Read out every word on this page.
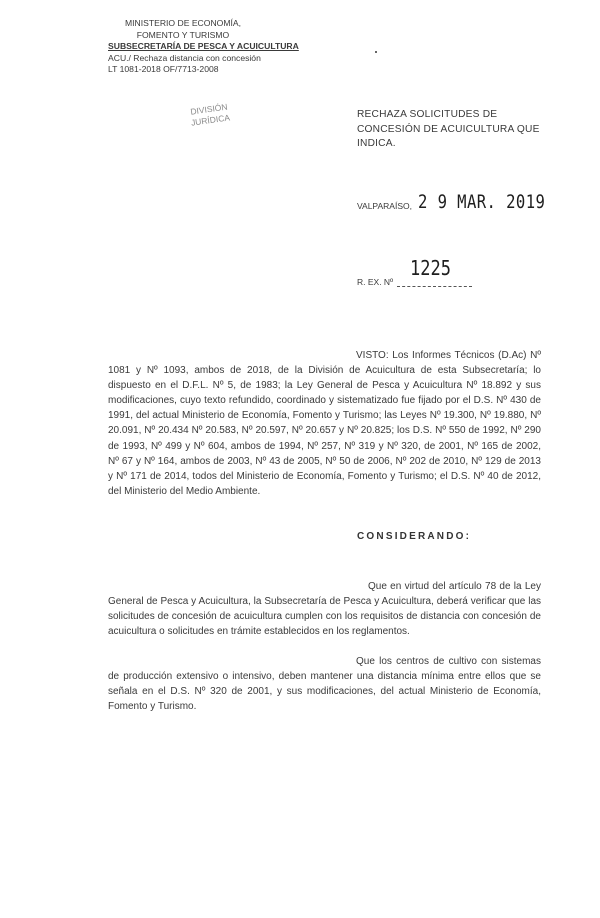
MINISTERIO DE ECONOMÍA,
FOMENTO Y TURISMO
SUBSECRETARÍA DE PESCA Y ACUICULTURA
ACU./ Rechaza distancia con concesión
LT 1081-2018 OF/7713-2008
DIVISIÓN
JURÍDICA	RECHAZA SOLICITUDES DE CONCESIÓN DE ACUICULTURA QUE INDICA.
VALPARAÍSO, 2 9 MAR. 2019
R. EX. Nº
1225
VISTO: Los Informes Técnicos (D.Ac) Nº 1081 y Nº 1093, ambos de 2018, de la División de Acuicultura de esta Subsecretaría; lo dispuesto en el D.F.L. Nº 5, de 1983; la Ley General de Pesca y Acuicultura Nº 18.892 y sus modificaciones, cuyo texto refundido, coordinado y sistematizado fue fijado por el D.S. Nº 430 de 1991, del actual Ministerio de Economía, Fomento y Turismo; las Leyes Nº 19.300, Nº 19.880, Nº 20.091, Nº 20.434 Nº 20.583, Nº 20.597, Nº 20.657 y Nº 20.825; los D.S. Nº 550 de 1992, Nº 290 de 1993, Nº 499 y Nº 604, ambos de 1994, Nº 257, Nº 319 y Nº 320, de 2001, Nº 165 de 2002, Nº 67 y Nº 164, ambos de 2003, Nº 43 de 2005, Nº 50 de 2006, Nº 202 de 2010, Nº 129 de 2013 y Nº 171 de 2014, todos del Ministerio de Economía, Fomento y Turismo; el D.S. Nº 40 de 2012, del Ministerio del Medio Ambiente.
CONSIDERANDO:
Que en virtud del artículo 78 de la Ley General de Pesca y Acuicultura, la Subsecretaría de Pesca y Acuicultura, deberá verificar que las solicitudes de concesión de acuicultura cumplen con los requisitos de distancia con concesión de acuicultura o solicitudes en trámite establecidos en los reglamentos.
Que los centros de cultivo con sistemas de producción extensivo o intensivo, deben mantener una distancia mínima entre ellos que se señala en el D.S. Nº 320 de 2001, y sus modificaciones, del actual Ministerio de Economía, Fomento y Turismo.
